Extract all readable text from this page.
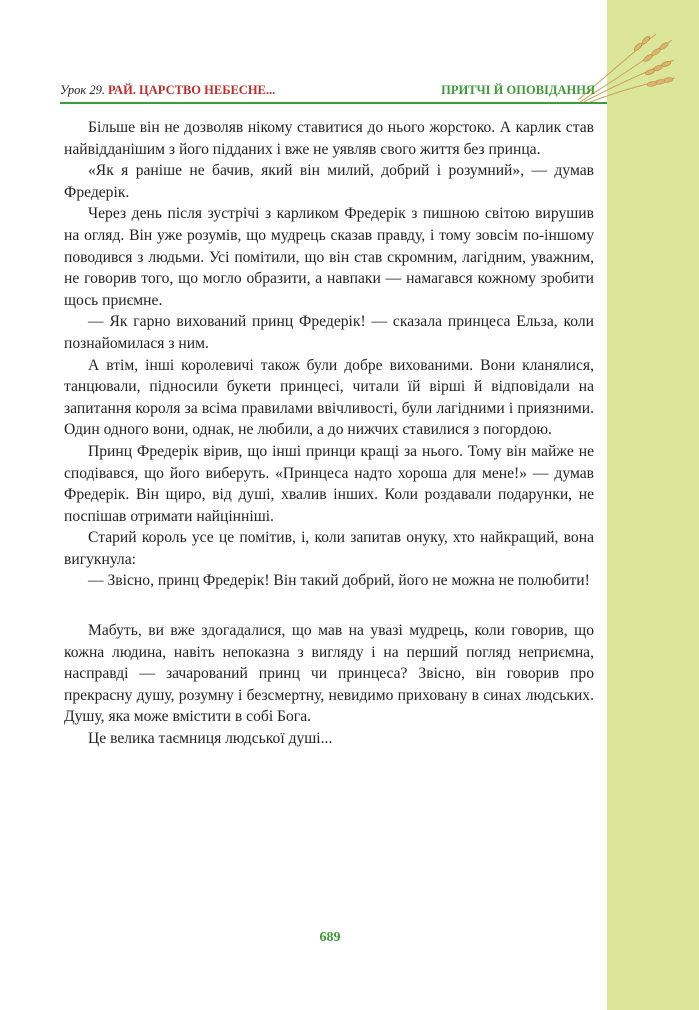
Урок 29. РАЙ. ЦАРСТВО НЕБЕСНЕ...	ПРИТЧІ Й ОПОВІДАННЯ

Більше він не дозволяв нікому ставитися до нього жорстоко. А карлик став найвідданішим з його підданих і вже не уявляв свого життя без принца.

«Як я раніше не бачив, який він милий, добрий і розумний», — думав Фредерік.

Через день після зустрічі з карликом Фредерік з пишною світою вирушив на огляд. Він уже розумів, що мудрець сказав правду, і тому зовсім по-іншому поводився з людьми. Усі помітили, що він став скромним, лагідним, уважним, не говорив того, що могло образити, а навпаки — намагався кожному зробити щось приємне.

— Як гарно вихований принц Фредерік! — сказала принцеса Ельза, коли познайомилася з ним.

А втім, інші королевичі також були добре вихованими. Вони кланялися, танцювали, підносили букети принцесі, читали їй вірші й відповідали на запитання короля за всіма правилами ввічливості, були лагідними і приязними. Один одного вони, однак, не любили, а до нижчих ставилися з погордою.

Принц Фредерік вірив, що інші принци кращі за нього. Тому він майже не сподівався, що його виберуть. «Принцеса надто хороша для мене!» — думав Фредерік. Він щиро, від душі, хвалив інших. Коли роздавали подарунки, не поспішав отримати найцінніші.

Старий король усе це помітив, і, коли запитав онуку, хто найкращий, вона вигукнула:

— Звісно, принц Фредерік! Він такий добрий, його не можна не полюбити!

Мабуть, ви вже здогадалися, що мав на увазі мудрець, коли говорив, що кожна людина, навіть непоказна з вигляду і на перший погляд неприємна, насправді — зачарований принц чи принцеса? Звісно, він говорив про прекрасну душу, розумну і безсмертну, невидимо приховану в синах людських. Душу, яка може вмістити в собі Бога.

Це велика таємниця людської душі...

689
